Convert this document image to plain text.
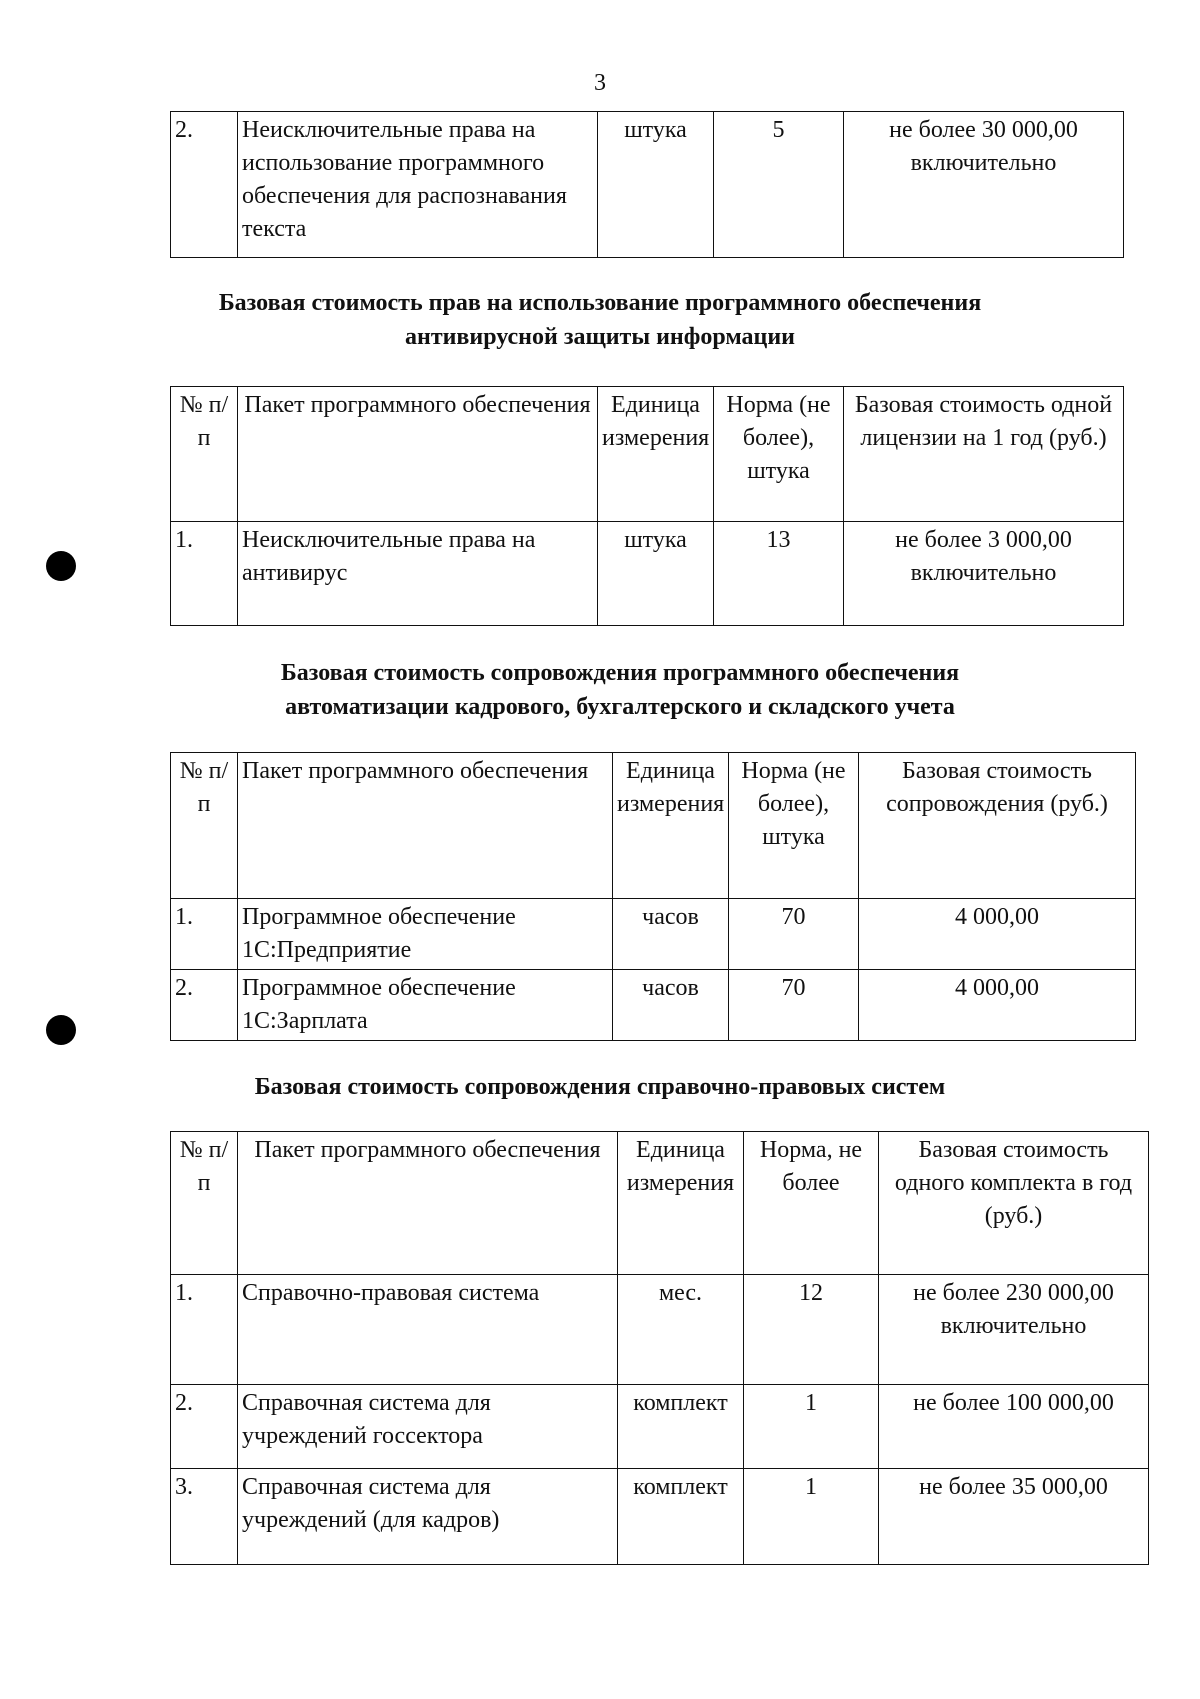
3
2.	Неисключительные права на использование программного обеспечения для распознавания текста	штука	5	не более 30 000,00 включительно
Базовая стоимость прав на использование программного обеспечения
антивирусной защиты информации
№ п/п	Пакет программного обеспечения	Единица измерения	Норма (не более), штука	Базовая стоимость одной лицензии на 1 год (руб.)
1.	Неисключительные права на антивирус	штука	13	не более 3 000,00 включительно
Базовая стоимость сопровождения программного обеспечения
автоматизации кадрового, бухгалтерского и складского учета
№ п/п	Пакет программного обеспечения	Единица измерения	Норма (не более), штука	Базовая стоимость сопровождения (руб.)
1.	Программное обеспечение 1С:Предприятие	часов	70	4 000,00
2.	Программное обеспечение 1С:Зарплата	часов	70	4 000,00
Базовая стоимость сопровождения справочно-правовых систем
№ п/п	Пакет программного обеспечения	Единица измерения	Норма, не более	Базовая стоимость одного комплекта в год (руб.)
1.	Справочно-правовая система	мес.	12	не более 230 000,00 включительно
2.	Справочная система для учреждений госсектора	комплект	1	не более 100 000,00
3.	Справочная система для учреждений (для кадров)	комплект	1	не более 35 000,00
